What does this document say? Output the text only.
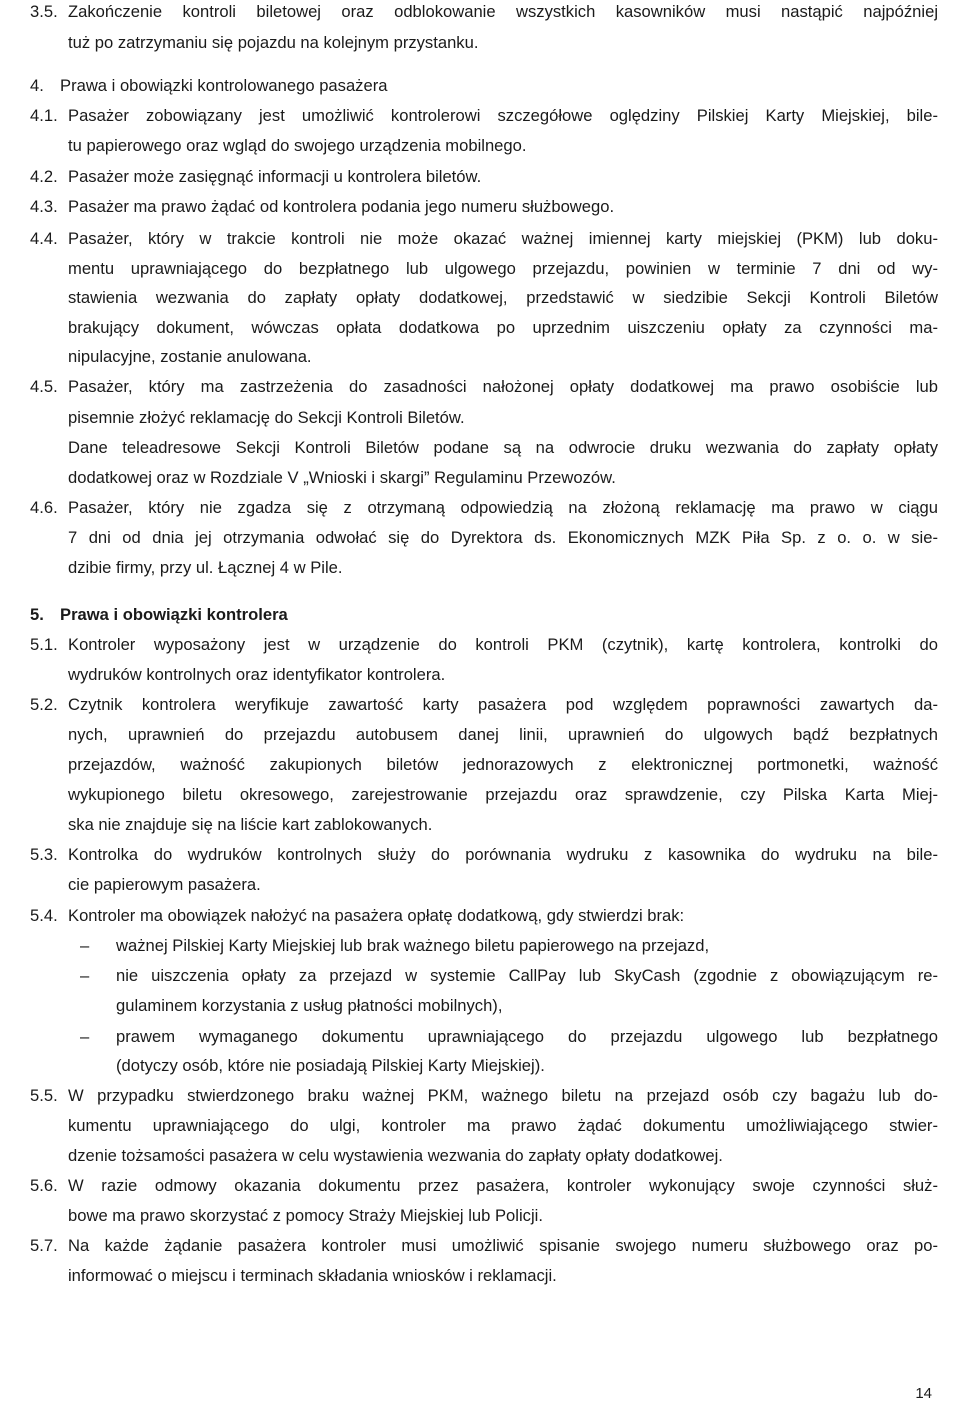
3.5. Zakończenie kontroli biletowej oraz odblokowanie wszystkich kasowników musi nastąpić najpóźniej
tuż po zatrzymaniu się pojazdu na kolejnym przystanku.
4. Prawa i obowiązki kontrolowanego pasażera
4.1. Pasażer zobowiązany jest umożliwić kontrolerowi szczegółowe oględziny Pilskiej Karty Miejskiej, bile-
tu papierowego oraz wgląd do swojego urządzenia mobilnego.
4.2. Pasażer może zasięgnąć informacji u kontrolera biletów.
4.3. Pasażer ma prawo żądać od kontrolera podania jego numeru służbowego.
4.4. Pasażer, który w trakcie kontroli nie może okazać ważnej imiennej karty miejskiej (PKM) lub doku-
mentu uprawniającego do bezpłatnego lub ulgowego przejazdu, powinien w terminie 7 dni od wy-
stawienia wezwania do zapłaty opłaty dodatkowej, przedstawić w siedzibie Sekcji Kontroli Biletów
brakujący dokument, wówczas opłata dodatkowa po uprzednim uiszczeniu opłaty za czynności ma-
nipulacyjne, zostanie anulowana.
4.5. Pasażer, który ma zastrzeżenia do zasadności nałożonej opłaty dodatkowej ma prawo osobiście lub
pisemnie złożyć reklamację do Sekcji Kontroli Biletów.
Dane teleadresowe Sekcji Kontroli Biletów podane są na odwrocie druku wezwania do zapłaty opłaty
dodatkowej oraz w Rozdziale V „Wnioski i skargi” Regulaminu Przewozów.
4.6. Pasażer, który nie zgadza się z otrzymaną odpowiedzią na złożoną reklamację ma prawo w ciągu
7 dni od dnia jej otrzymania odwołać się do Dyrektora ds. Ekonomicznych MZK Piła Sp. z o. o. w sie-
dzibie firmy, przy ul. Łącznej 4 w Pile.
5. Prawa i obowiązki kontrolera
5.1. Kontroler wyposażony jest w urządzenie do kontroli PKM (czytnik), kartę kontrolera, kontrolki do
wydruków kontrolnych oraz identyfikator kontrolera.
5.2. Czytnik kontrolera weryfikuje zawartość karty pasażera pod względem poprawności zawartych da-
nych, uprawnień do przejazdu autobusem danej linii, uprawnień do ulgowych bądź bezpłatnych
przejazdów, ważność zakupionych biletów jednorazowych z elektronicznej portmonetki, ważność
wykupionego biletu okresowego, zarejestrowanie przejazdu oraz sprawdzenie, czy Pilska Karta Miej-
ska nie znajduje się na liście kart zablokowanych.
5.3. Kontrolka do wydruków kontrolnych służy do porównania wydruku z kasownika do wydruku na bile-
cie papierowym pasażera.
5.4. Kontroler ma obowiązek nałożyć na pasażera opłatę dodatkową, gdy stwierdzi brak:
– ważnej Pilskiej Karty Miejskiej lub brak ważnego biletu papierowego na przejazd,
– nie uiszczenia opłaty za przejazd w systemie CallPay lub SkyCash (zgodnie z obowiązującym re-
gulaminem korzystania z usług płatności mobilnych),
– prawem wymaganego dokumentu uprawniającego do przejazdu ulgowego lub bezpłatnego
(dotyczy osób, które nie posiadają Pilskiej Karty Miejskiej).
5.5. W przypadku stwierdzonego braku ważnej PKM, ważnego biletu na przejazd osób czy bagażu lub do-
kumentu uprawniającego do ulgi, kontroler ma prawo żądać dokumentu umożliwiającego stwier-
dzenie tożsamości pasażera w celu wystawienia wezwania do zapłaty opłaty dodatkowej.
5.6. W razie odmowy okazania dokumentu przez pasażera, kontroler wykonujący swoje czynności służ-
bowe ma prawo skorzystać z pomocy Straży Miejskiej lub Policji.
5.7. Na każde żądanie pasażera kontroler musi umożliwić spisanie swojego numeru służbowego oraz po-
informować o miejscu i terminach składania wniosków i reklamacji.
14
